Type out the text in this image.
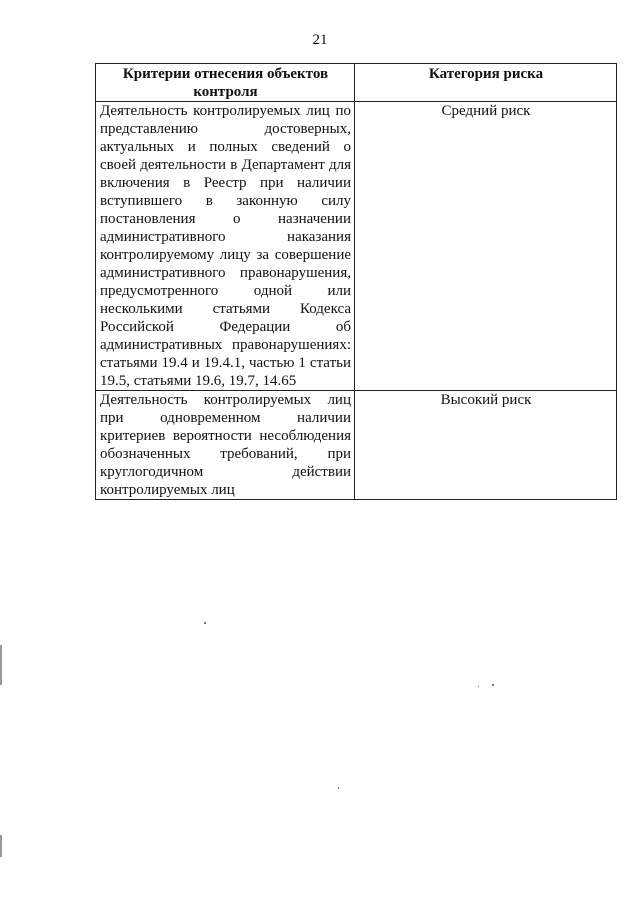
21
Критерии отнесения объектов контроля	Категория риска
Деятельность контролируемых лиц по представлению достоверных, актуальных и полных сведений о своей деятельности в Департамент для включения в Реестр при наличии вступившего в законную силу постановления о назначении административного наказания контролируемому лицу за совершение административного правонарушения, предусмотренного одной или несколькими статьями Кодекса Российской Федерации об административных правонарушениях: статьями 19.4 и 19.4.1, частью 1 статьи 19.5, статьями 19.6, 19.7, 14.65	Средний риск
Деятельность контролируемых лиц при одновременном наличии критериев вероятности несоблюдения обозначенных требований, при круглогодичном действии контролируемых лиц	Высокий риск
